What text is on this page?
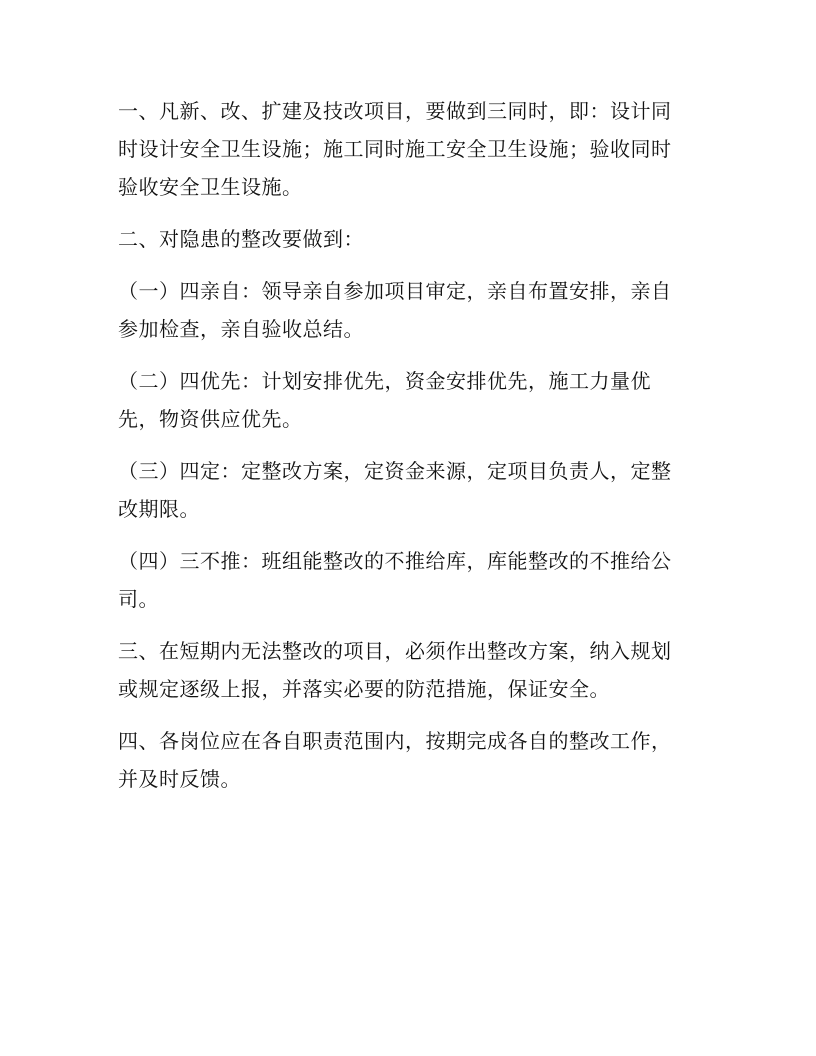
一、凡新、改、扩建及技改项目，要做到三同时，即：设计同
时设计安全卫生设施；施工同时施工安全卫生设施；验收同时
验收安全卫生设施。

二、对隐患的整改要做到：

（一）四亲自：领导亲自参加项目审定，亲自布置安排，亲自
参加检查，亲自验收总结。

（二）四优先：计划安排优先，资金安排优先，施工力量优
先，物资供应优先。

（三）四定：定整改方案，定资金来源，定项目负责人，定整
改期限。

（四）三不推：班组能整改的不推给库，库能整改的不推给公
司。

三、在短期内无法整改的项目，必须作出整改方案，纳入规划
或规定逐级上报，并落实必要的防范措施，保证安全。

四、各岗位应在各自职责范围内，按期完成各自的整改工作，
并及时反馈。
